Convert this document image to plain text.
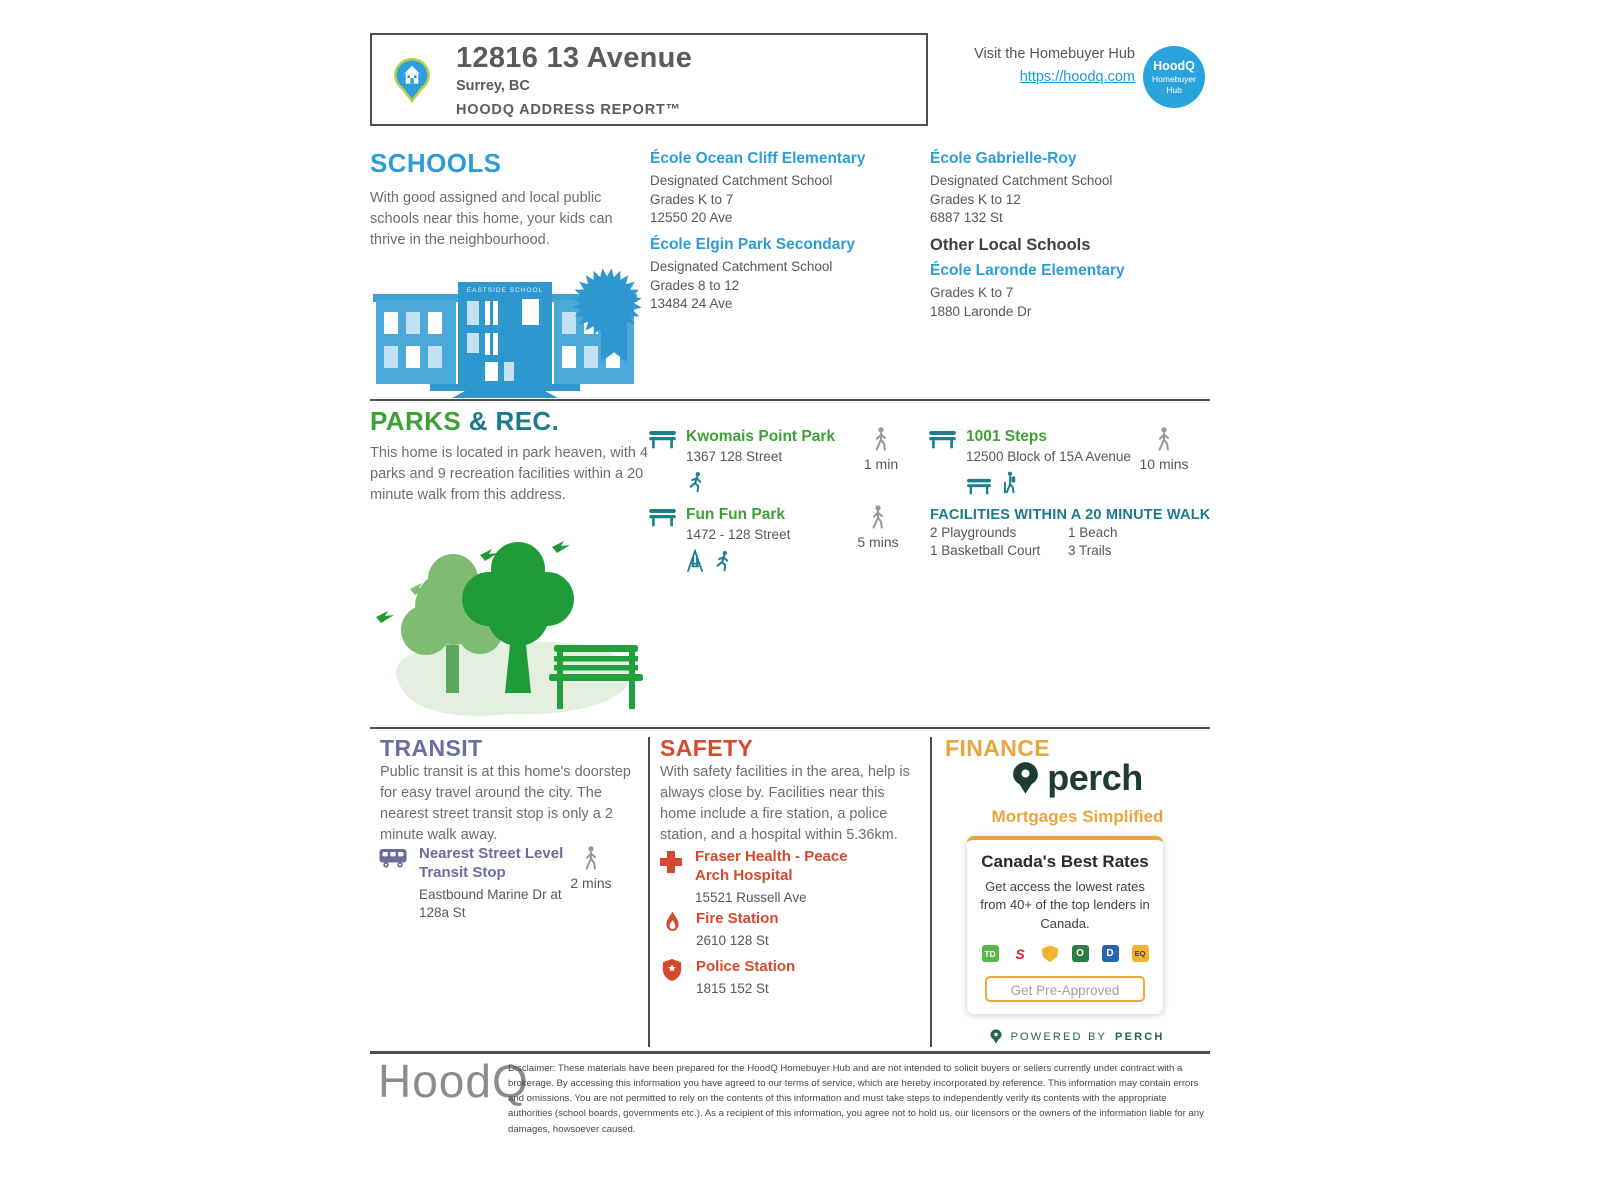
12816 13 Avenue
Surrey, BC
HOODQ ADDRESS REPORT™
Visit the Homebuyer Hub
https://hoodq.com
HoodQ
Homebuyer
Hub
SCHOOLS
With good assigned and local public schools near this home, your kids can thrive in the neighbourhood.
EASTSIDE SCHOOL
École Ocean Cliff Elementary
Designated Catchment School
Grades K to 7
12550 20 Ave
École Elgin Park Secondary
Designated Catchment School
Grades 8 to 12
13484 24 Ave
École Gabrielle-Roy
Designated Catchment School
Grades K to 12
6887 132 St
Other Local Schools
École Laronde Elementary
Grades K to 7
1880 Laronde Dr
PARKS & REC.
This home is located in park heaven, with 4 parks and 9 recreation facilities within a 20 minute walk from this address.
Kwomais Point Park
1367 128 Street	1 min
Fun Fun Park
1472 - 128 Street	5 mins
1001 Steps
12500 Block of 15A Avenue 10 mins
FACILITIES WITHIN A 20 MINUTE WALK
2 Playgrounds	1 Beach
1 Basketball Court 3 Trails
TRANSIT
Public transit is at this home's doorstep for easy travel around the city. The nearest street transit stop is only a 2 minute walk away.
Nearest Street Level Transit Stop
Eastbound Marine Dr at 128a St
2 mins
SAFETY
With safety facilities in the area, help is always close by. Facilities near this home include a fire station, a police station, and a hospital within 5.36km.
Fraser Health - Peace Arch Hospital
15521 Russell Ave
Fire Station
2610 128 St
Police Station
1815 152 St
FINANCE
perch
Mortgages Simplified
Canada's Best Rates
Get access the lowest rates from 40+ of the top lenders in Canada.
TD S	O	D	EQ
Get Pre-Approved
POWERED BY PERCH
HoodQ
Disclaimer: These materials have been prepared for the HoodQ Homebuyer Hub and are not intended to solicit buyers or sellers currently under contract with a brokerage. By accessing this information you have agreed to our terms of service, which are hereby incorporated by reference. This information may contain errors and omissions. You are not permitted to rely on the contents of this information and must take steps to independently verify its contents with the appropriate authorities (school boards, governments etc.). As a recipient of this information, you agree not to hold us, our licensors or the owners of the information liable for any damages, howsoever caused.
